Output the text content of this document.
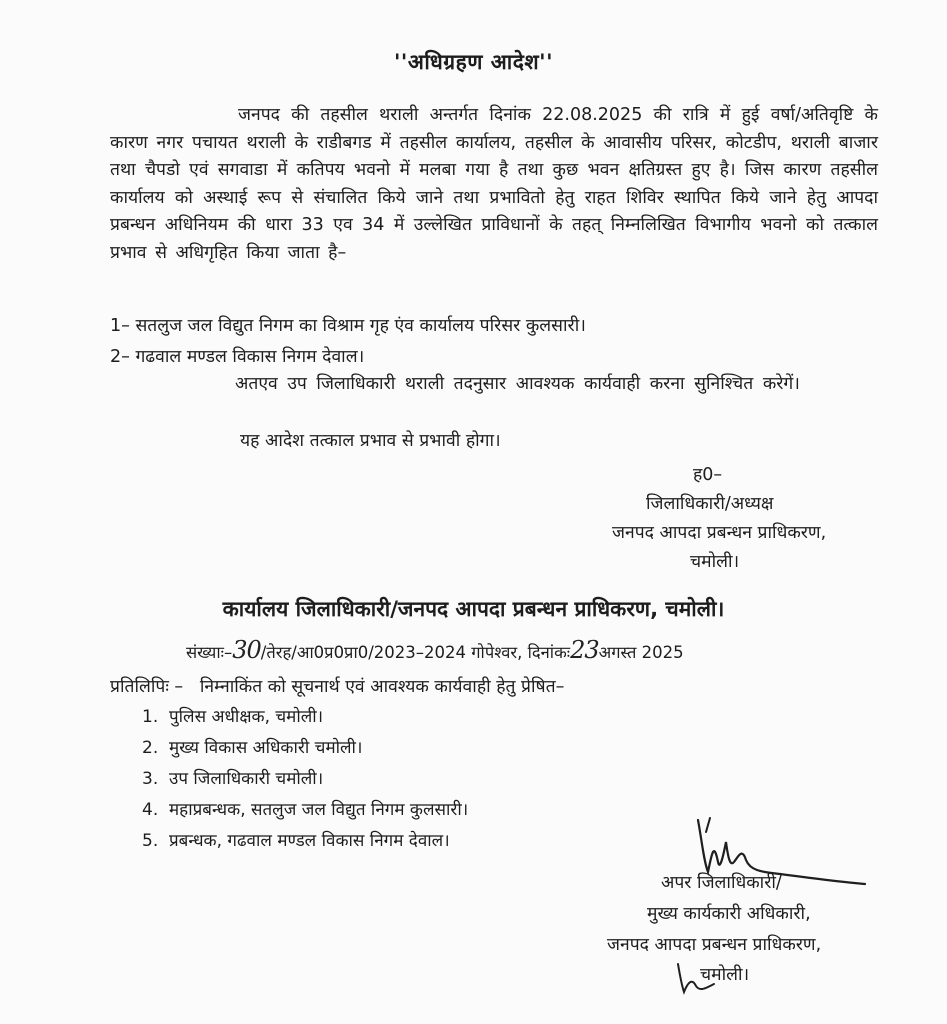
''अधिग्रहण आदेश''

जनपद की तहसील थराली अन्तर्गत दिनांक 22.08.2025 की रात्रि में हुई वर्षा/अतिवृष्टि के कारण नगर पचायत थराली के राडीबगड में तहसील कार्यालय, तहसील के आवासीय परिसर, कोटडीप, थराली बाजार तथा चैपडो एवं सगवाडा में कतिपय भवनो में मलबा गया है तथा कुछ भवन क्षतिग्रस्त हुए है। जिस कारण तहसील कार्यालय को अस्थाई रूप से संचालित किये जाने तथा प्रभावितो हेतु राहत शिविर स्थापित किये जाने हेतु आपदा प्रबन्धन अधिनियम की धारा 33 एव 34 में उल्लेखित प्राविधानों के तहत् निम्नलिखित विभागीय भवनो को तत्काल प्रभाव से अधिगृहित किया जाता है–

1– सतलुज जल विद्युत निगम का विश्राम गृह एंव कार्यालय परिसर कुलसारी।
2– गढवाल मण्डल विकास निगम देवाल।

अतएव उप जिलाधिकारी थराली तदनुसार आवश्यक कार्यवाही करना सुनिश्चित करेगें।

यह आदेश तत्काल प्रभाव से प्रभावी होगा।

ह0–
जिलाधिकारी/अध्यक्ष
जनपद आपदा प्रबन्धन प्राधिकरण,
चमोली।
कार्यालय जिलाधिकारी/जनपद आपदा प्रबन्धन प्राधिकरण, चमोली।
संख्याः–30/तेरह/आ0प्र0प्रा0/2023–2024 गोपेश्वर, दिनांकः23अगस्त 2025
प्रतिलिपिः – निम्नाकिंत को सूचनार्थ एवं आवश्यक कार्यवाही हेतु प्रेषित–
1. पुलिस अधीक्षक, चमोली।
2. मुख्य विकास अधिकारी चमोली।
3. उप जिलाधिकारी चमोली।
4. महाप्रबन्धक, सतलुज जल विद्युत निगम कुलसारी।
5. प्रबन्धक, गढवाल मण्डल विकास निगम देवाल।
अपर जिलाधिकारी/
मुख्य कार्यकारी अधिकारी,
जनपद आपदा प्रबन्धन प्राधिकरण,
चमोली।
